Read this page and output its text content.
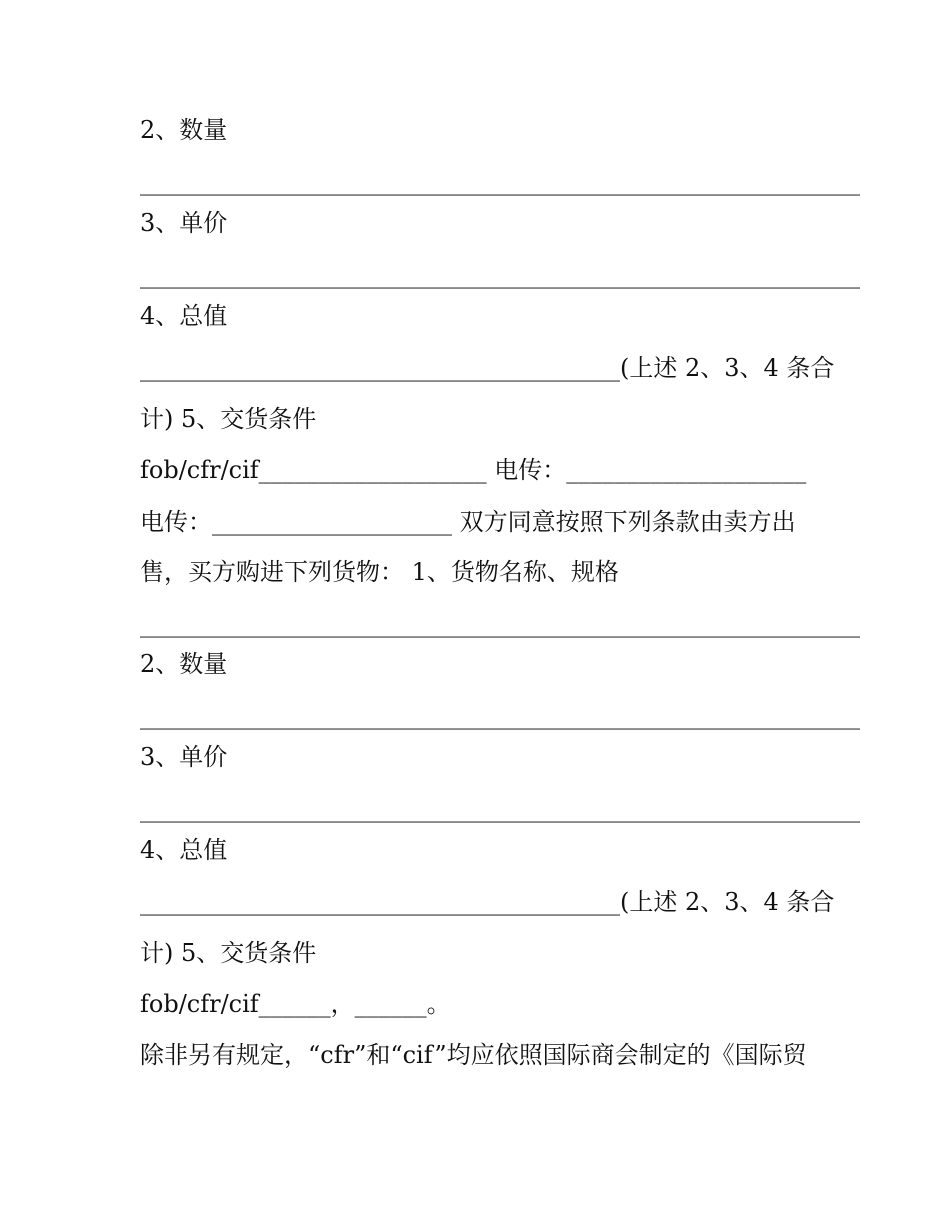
2、数量
____________________________________________________________
3、单价
____________________________________________________________
4、总值
________________________________________(上述 2、3、4 条合
计) 5、交货条件
fob/cfr/cif___________________ 电传：____________________
电传：____________________ 双方同意按照下列条款由卖方出
售，买方购进下列货物： 1、货物名称、规格
____________________________________________________________
2、数量
____________________________________________________________
3、单价
____________________________________________________________
4、总值
________________________________________(上述 2、3、4 条合
计) 5、交货条件
fob/cfr/cif______，______。
除非另有规定，“cfr”和“cif”均应依照国际商会制定的《国际贸
